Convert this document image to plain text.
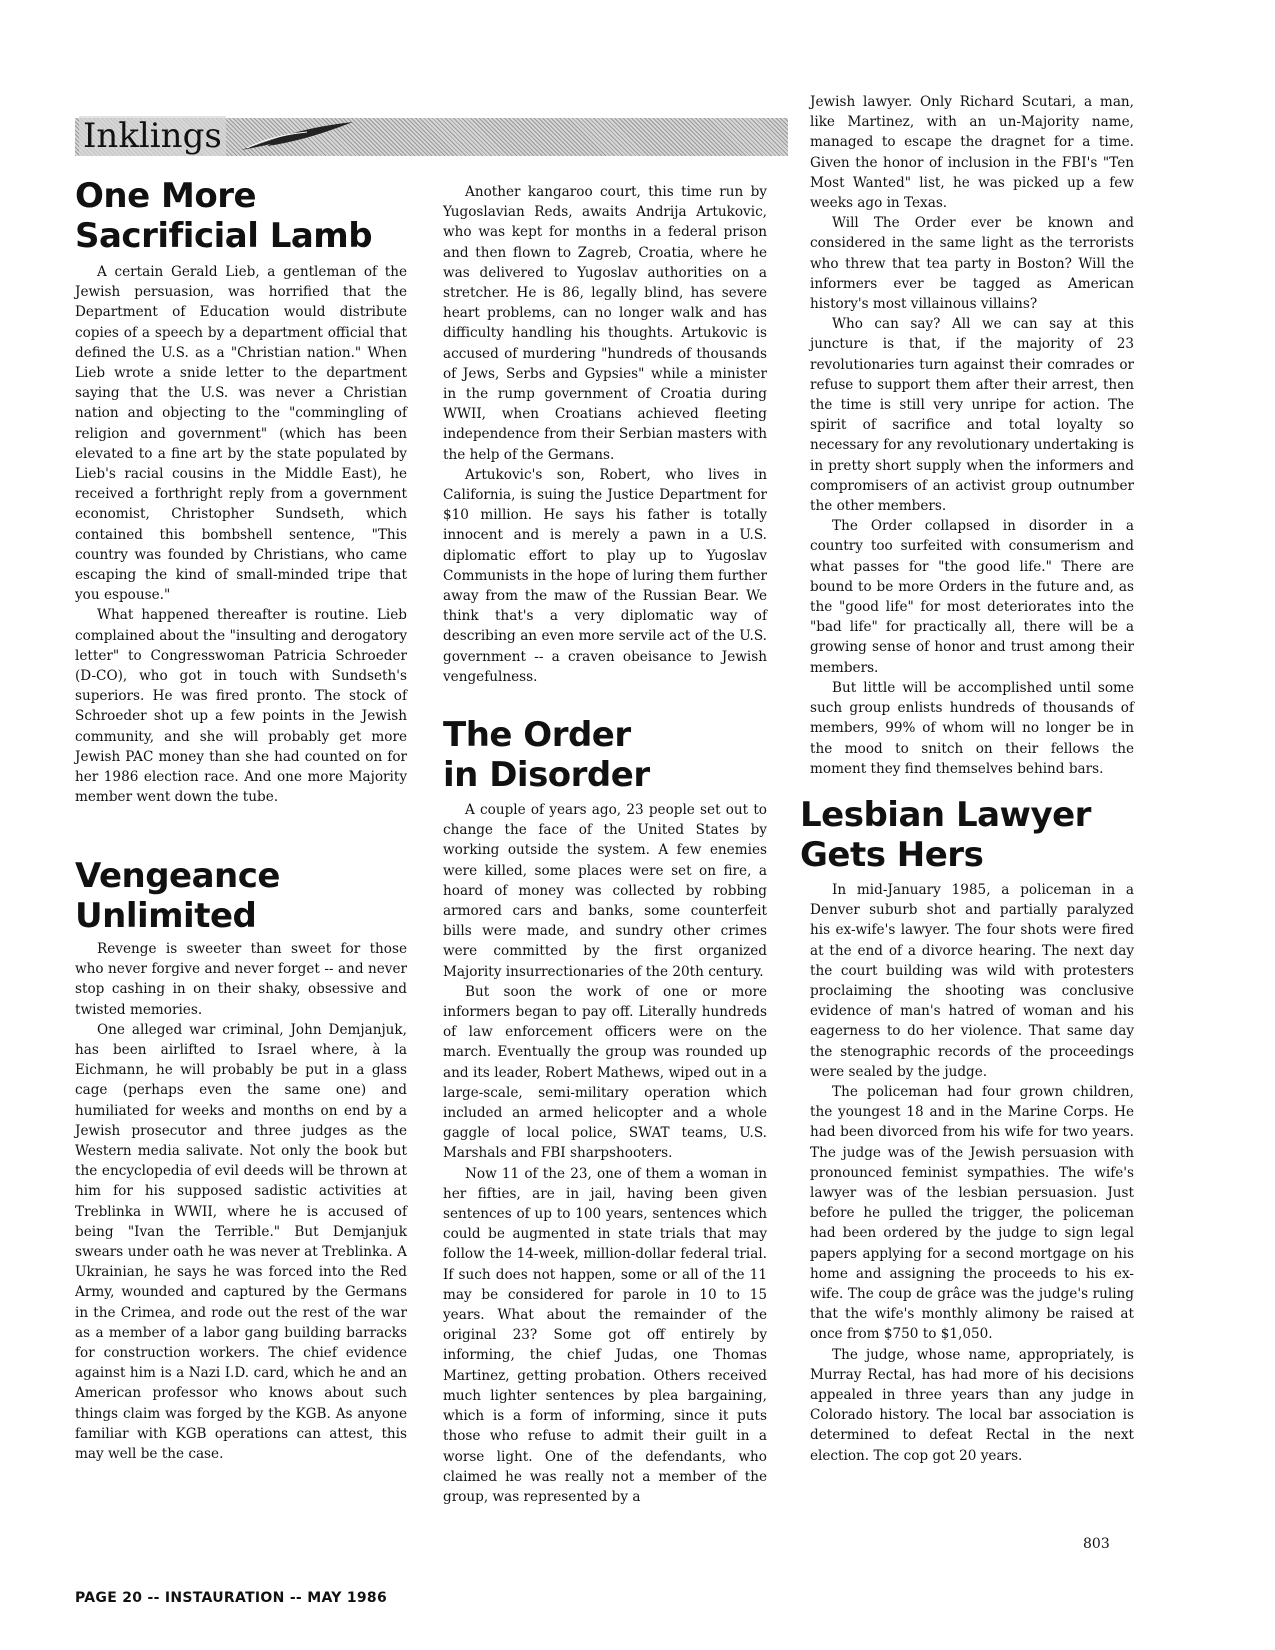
Inklings
One More
Sacrificial Lamb

A certain Gerald Lieb, a gentleman of the Jewish persuasion, was horrified that the Department of Education would distribute copies of a speech by a department official that defined the U.S. as a "Christian nation." When Lieb wrote a snide letter to the department saying that the U.S. was never a Christian nation and objecting to the "commingling of religion and government" (which has been elevated to a fine art by the state populated by Lieb's racial cousins in the Middle East), he received a forthright reply from a government economist, Christopher Sundseth, which contained this bombshell sentence, "This country was founded by Christians, who came escaping the kind of small-minded tripe that you espouse."

What happened thereafter is routine. Lieb complained about the "insulting and derogatory letter" to Congresswoman Patricia Schroeder (D-CO), who got in touch with Sundseth's superiors. He was fired pronto. The stock of Schroeder shot up a few points in the Jewish community, and she will probably get more Jewish PAC money than she had counted on for her 1986 election race. And one more Majority member went down the tube.

Vengeance
Unlimited

Revenge is sweeter than sweet for those who never forgive and never forget -- and never stop cashing in on their shaky, obsessive and twisted memories.

One alleged war criminal, John Demjanjuk, has been airlifted to Israel where, à la Eichmann, he will probably be put in a glass cage (perhaps even the same one) and humiliated for weeks and months on end by a Jewish prosecutor and three judges as the Western media salivate. Not only the book but the encyclopedia of evil deeds will be thrown at him for his supposed sadistic activities at Treblinka in WWII, where he is accused of being "Ivan the Terrible." But Demjanjuk swears under oath he was never at Treblinka. A Ukrainian, he says he was forced into the Red Army, wounded and captured by the Germans in the Crimea, and rode out the rest of the war as a member of a labor gang building barracks for construction workers. The chief evidence against him is a Nazi I.D. card, which he and an American professor who knows about such things claim was forged by the KGB. As anyone familiar with KGB operations can attest, this may well be the case.

Another kangaroo court, this time run by Yugoslavian Reds, awaits Andrija Artukovic, who was kept for months in a federal prison and then flown to Zagreb, Croatia, where he was delivered to Yugoslav authorities on a stretcher. He is 86, legally blind, has severe heart problems, can no longer walk and has difficulty handling his thoughts. Artukovic is accused of murdering "hundreds of thousands of Jews, Serbs and Gypsies" while a minister in the rump government of Croatia during WWII, when Croatians achieved fleeting independence from their Serbian masters with the help of the Germans.

Artukovic's son, Robert, who lives in California, is suing the Justice Department for $10 million. He says his father is totally innocent and is merely a pawn in a U.S. diplomatic effort to play up to Yugoslav Communists in the hope of luring them further away from the maw of the Russian Bear. We think that's a very diplomatic way of describing an even more servile act of the U.S. government -- a craven obeisance to Jewish vengefulness.

The Order
in Disorder

A couple of years ago, 23 people set out to change the face of the United States by working outside the system. A few enemies were killed, some places were set on fire, a hoard of money was collected by robbing armored cars and banks, some counterfeit bills were made, and sundry other crimes were committed by the first organized Majority insurrectionaries of the 20th century.

But soon the work of one or more informers began to pay off. Literally hundreds of law enforcement officers were on the march. Eventually the group was rounded up and its leader, Robert Mathews, wiped out in a large-scale, semi-military operation which included an armed helicopter and a whole gaggle of local police, SWAT teams, U.S. Marshals and FBI sharpshooters.

Now 11 of the 23, one of them a woman in her fifties, are in jail, having been given sentences of up to 100 years, sentences which could be augmented in state trials that may follow the 14-week, million-dollar federal trial. If such does not happen, some or all of the 11 may be considered for parole in 10 to 15 years. What about the remainder of the original 23? Some got off entirely by informing, the chief Judas, one Thomas Martinez, getting probation. Others received much lighter sentences by plea bargaining, which is a form of informing, since it puts those who refuse to admit their guilt in a worse light. One of the defendants, who claimed he was really not a member of the group, was represented by a

Jewish lawyer. Only Richard Scutari, a man, like Martinez, with an un-Majority name, managed to escape the dragnet for a time. Given the honor of inclusion in the FBI's "Ten Most Wanted" list, he was picked up a few weeks ago in Texas.

Will The Order ever be known and considered in the same light as the terrorists who threw that tea party in Boston? Will the informers ever be tagged as American history's most villainous villains?

Who can say? All we can say at this juncture is that, if the majority of 23 revolutionaries turn against their comrades or refuse to support them after their arrest, then the time is still very unripe for action. The spirit of sacrifice and total loyalty so necessary for any revolutionary undertaking is in pretty short supply when the informers and compromisers of an activist group outnumber the other members.

The Order collapsed in disorder in a country too surfeited with consumerism and what passes for "the good life." There are bound to be more Orders in the future and, as the "good life" for most deteriorates into the "bad life" for practically all, there will be a growing sense of honor and trust among their members.

But little will be accomplished until some such group enlists hundreds of thousands of members, 99% of whom will no longer be in the mood to snitch on their fellows the moment they find themselves behind bars.

Lesbian Lawyer
Gets Hers

In mid-January 1985, a policeman in a Denver suburb shot and partially paralyzed his ex-wife's lawyer. The four shots were fired at the end of a divorce hearing. The next day the court building was wild with protesters proclaiming the shooting was conclusive evidence of man's hatred of woman and his eagerness to do her violence. That same day the stenographic records of the proceedings were sealed by the judge.

The policeman had four grown children, the youngest 18 and in the Marine Corps. He had been divorced from his wife for two years. The judge was of the Jewish persuasion with pronounced feminist sympathies. The wife's lawyer was of the lesbian persuasion. Just before he pulled the trigger, the policeman had been ordered by the judge to sign legal papers applying for a second mortgage on his home and assigning the proceeds to his ex-wife. The coup de grâce was the judge's ruling that the wife's monthly alimony be raised at once from $750 to $1,050.

The judge, whose name, appropriately, is Murray Rectal, has had more of his decisions appealed in three years than any judge in Colorado history. The local bar association is determined to defeat Rectal in the next election. The cop got 20 years.

803
PAGE 20 -- INSTAURATION -- MAY 1986
